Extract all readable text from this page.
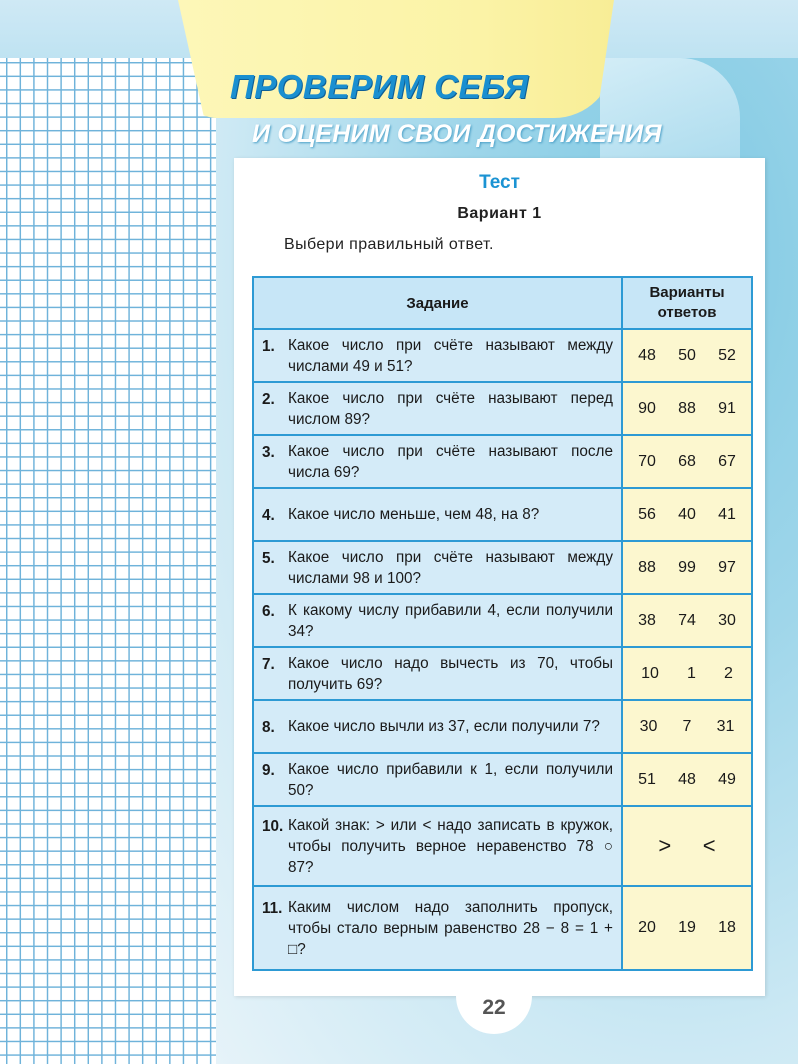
ПРОВЕРИМ СЕБЯ
И ОЦЕНИМ СВОИ ДОСТИЖЕНИЯ
Тест
Вариант 1
Выбери правильный ответ.
Задание
Варианты
ответов
1. Какое число при счёте называют между числами 49 и 51?
48 50 52
2. Какое число при счёте называют перед числом 89?
90 88 91
3. Какое число при счёте называют после числа 69?
70 68 67
4. Какое число меньше, чем 48, на 8?	56 40 41
5. Какое число при счёте называют между числами 98 и 100?
88 99 97
6. К какому числу прибавили 4, если получили 34?
38 74 30
7. Какое число надо вычесть из 70, чтобы получить 69?
10 1 2
8. Какое число вычли из 37, если получили 7? 30 7 31
9. Какое число прибавили к 1, если получили 50?
51 48 49
10. Какой знак: > или < надо записать в кружок, чтобы получить верное неравенство 78 ○ 87?
> <
11. Каким числом надо заполнить пропуск, чтобы стало верным равенство 28 − 8 = 1 + □?
20 19 18
22
